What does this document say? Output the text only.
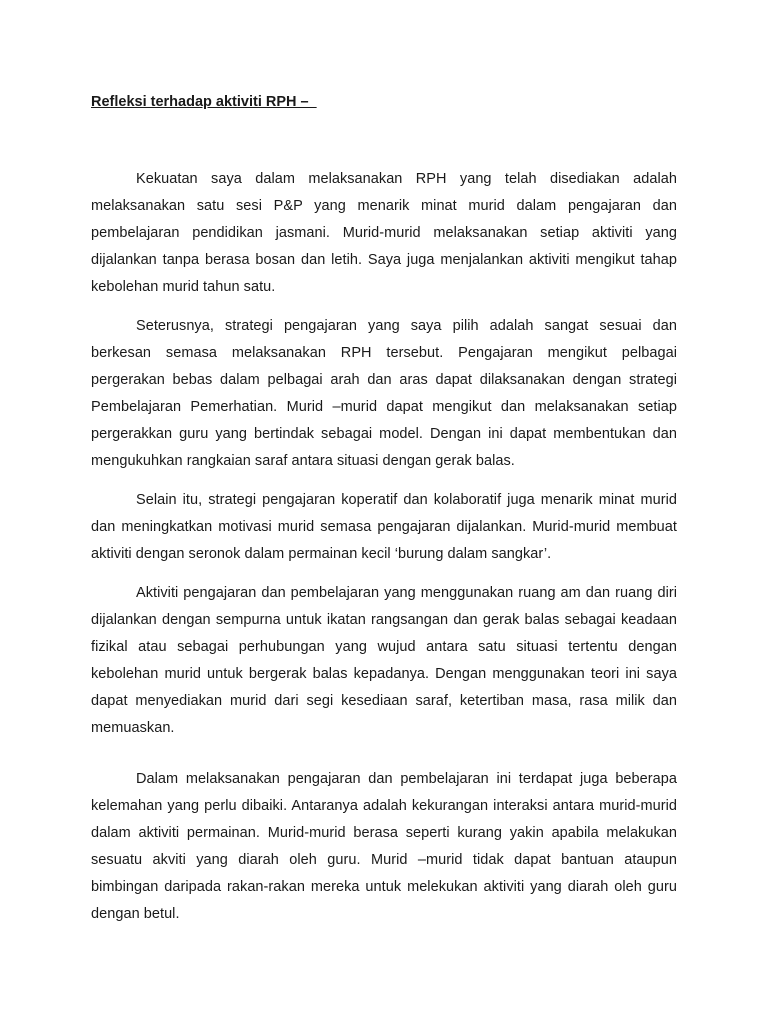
Refleksi terhadap aktiviti RPH –

Kekuatan saya dalam melaksanakan RPH yang telah disediakan adalah melaksanakan satu sesi P&P yang menarik minat murid dalam pengajaran dan pembelajaran pendidikan jasmani. Murid-murid melaksanakan setiap aktiviti yang dijalankan tanpa berasa bosan dan letih. Saya juga menjalankan aktiviti mengikut tahap kebolehan murid tahun satu.

Seterusnya, strategi pengajaran yang saya pilih adalah sangat sesuai dan berkesan semasa melaksanakan RPH tersebut. Pengajaran mengikut pelbagai pergerakan bebas dalam pelbagai arah dan aras dapat dilaksanakan dengan strategi Pembelajaran Pemerhatian. Murid –murid dapat mengikut dan melaksanakan setiap pergerakkan guru yang bertindak sebagai model. Dengan ini dapat membentukan dan mengukuhkan rangkaian saraf antara situasi dengan gerak balas.

Selain itu, strategi pengajaran koperatif dan kolaboratif juga menarik minat murid dan meningkatkan motivasi murid semasa pengajaran dijalankan. Murid-murid membuat aktiviti dengan seronok dalam permainan kecil ‘burung dalam sangkar’.

Aktiviti pengajaran dan pembelajaran yang menggunakan ruang am dan ruang diri dijalankan dengan sempurna untuk ikatan rangsangan dan gerak balas sebagai keadaan fizikal atau sebagai perhubungan yang wujud antara satu situasi tertentu dengan kebolehan murid untuk bergerak balas kepadanya. Dengan menggunakan teori ini saya dapat menyediakan murid dari segi kesediaan saraf, ketertiban masa, rasa milik dan memuaskan.

Dalam melaksanakan pengajaran dan pembelajaran ini terdapat juga beberapa kelemahan yang perlu dibaiki. Antaranya adalah kekurangan interaksi antara murid-murid dalam aktiviti permainan. Murid-murid berasa seperti kurang yakin apabila melakukan sesuatu akviti yang diarah oleh guru. Murid –murid tidak dapat bantuan ataupun bimbingan daripada rakan-rakan mereka untuk melekukan aktiviti yang diarah oleh guru dengan betul.
